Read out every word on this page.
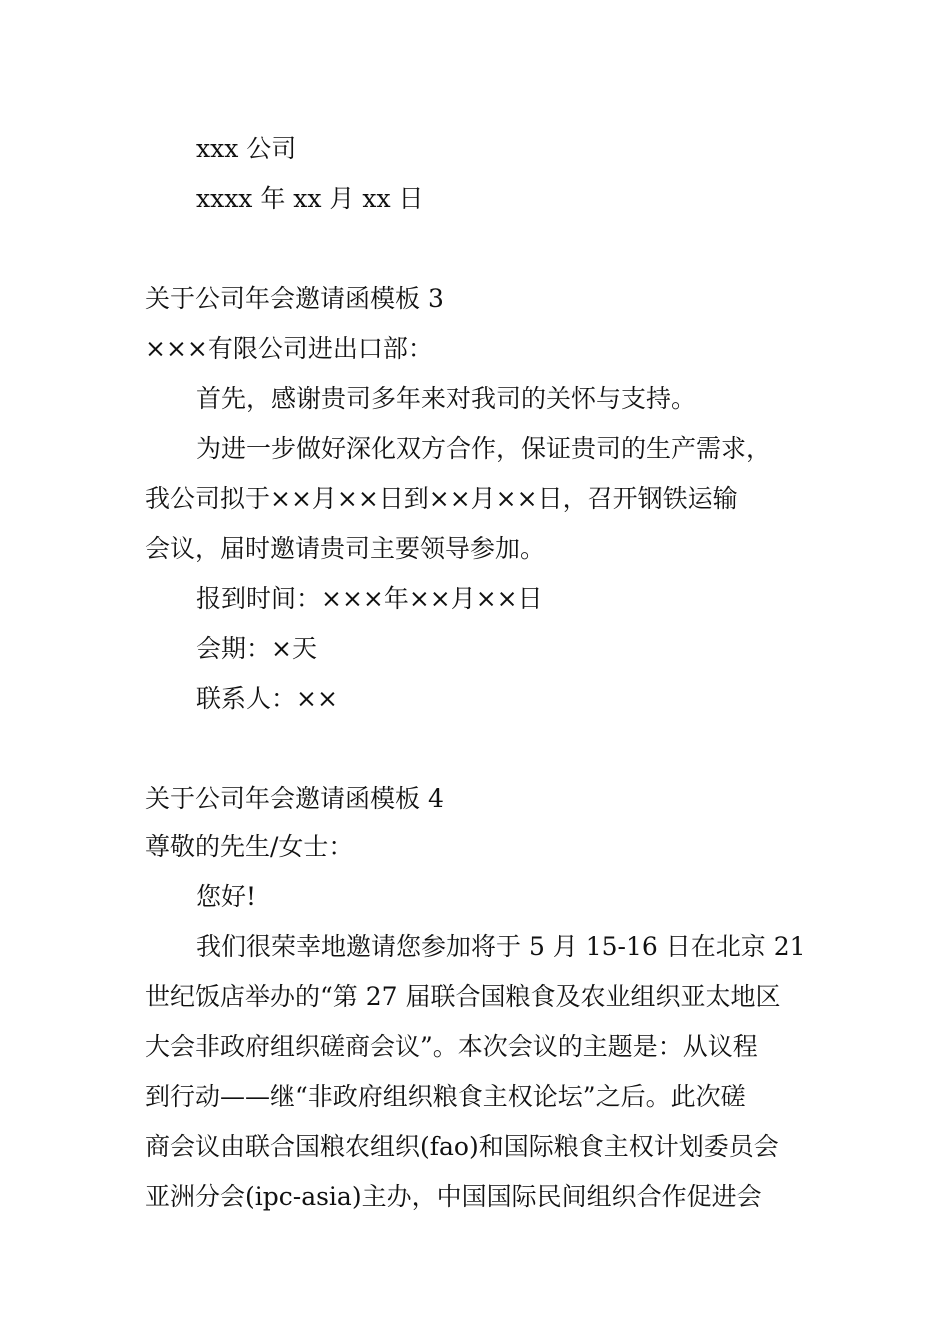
xxx 公司
xxxx 年 xx 月 xx 日
关于公司年会邀请函模板 3
×××有限公司进出口部：
首先，感谢贵司多年来对我司的关怀与支持。
为进一步做好深化双方合作，保证贵司的生产需求，
我公司拟于××月××日到××月××日，召开钢铁运输
会议，届时邀请贵司主要领导参加。
报到时间：×××年××月××日
会期：×天
联系人：××
关于公司年会邀请函模板 4
尊敬的先生/女士：
您好!
我们很荣幸地邀请您参加将于 5 月 15-16 日在北京 21
世纪饭店举办的“第 27 届联合国粮食及农业组织亚太地区
大会非政府组织磋商会议”。本次会议的主题是：从议程
到行动——继“非政府组织粮食主权论坛”之后。此次磋
商会议由联合国粮农组织(fao)和国际粮食主权计划委员会
亚洲分会(ipc-asia)主办，中国国际民间组织合作促进会
